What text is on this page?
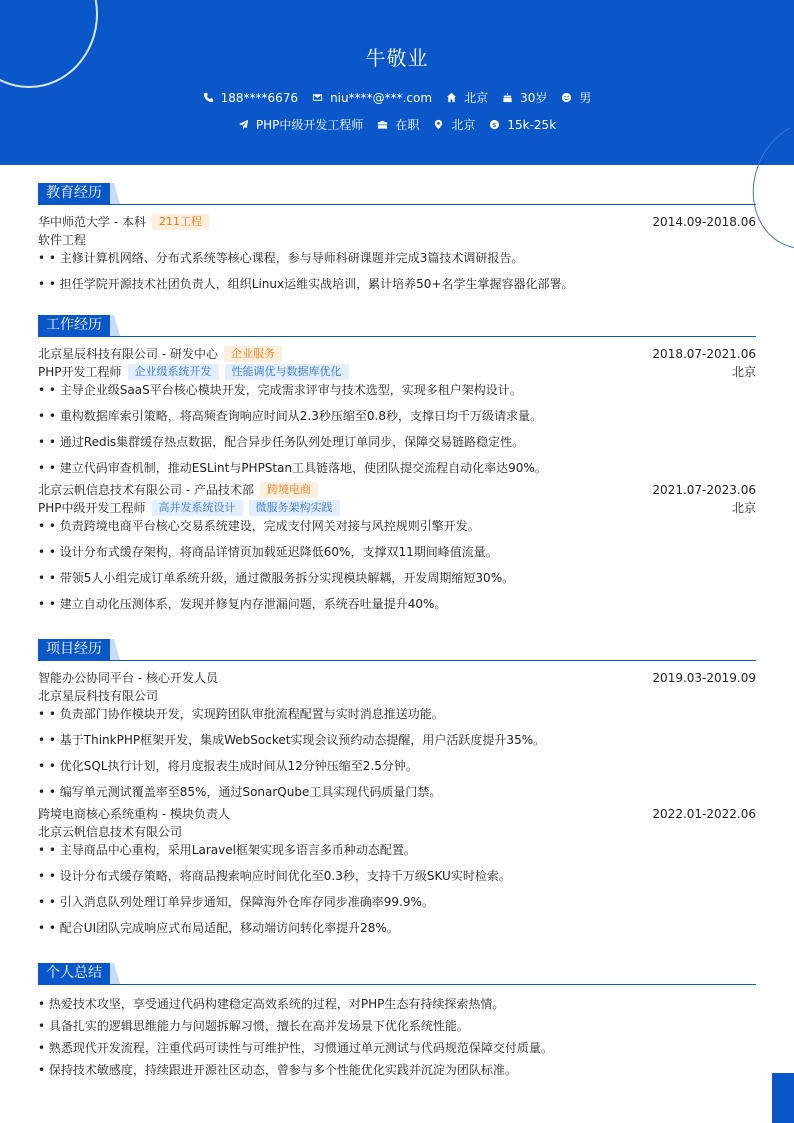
牛敬业
188****6676	niu****@***.com	北京	30岁	男
PHP中级开发工程师	在职	北京 $ 15k-25k
教育经历
华中师范大学 - 本科	211工程	2014.09-2018.06
软件工程
• • 主修计算机网络、分布式系统等核心课程，参与导师科研课题并完成3篇技术调研报告。
• • 担任学院开源技术社团负责人，组织Linux运维实战培训，累计培养50+名学生掌握容器化部署。
工作经历
北京星辰科技有限公司 - 研发中心	企业服务	2018.07-2021.06
PHP开发工程师	企业级系统开发	性能调优与数据库优化	北京
• • 主导企业级SaaS平台核心模块开发，完成需求评审与技术选型，实现多租户架构设计。
• • 重构数据库索引策略，将高频查询响应时间从2.3秒压缩至0.8秒，支撑日均千万级请求量。
• • 通过Redis集群缓存热点数据，配合异步任务队列处理订单同步，保障交易链路稳定性。
• • 建立代码审查机制，推动ESLint与PHPStan工具链落地，使团队提交流程自动化率达90%。
北京云帆信息技术有限公司 - 产品技术部	跨境电商	2021.07-2023.06
PHP中级开发工程师	高并发系统设计	微服务架构实践	北京
• • 负责跨境电商平台核心交易系统建设，完成支付网关对接与风控规则引擎开发。
• • 设计分布式缓存架构，将商品详情页加载延迟降低60%，支撑双11期间峰值流量。
• • 带领5人小组完成订单系统升级，通过微服务拆分实现模块解耦，开发周期缩短30%。
• • 建立自动化压测体系，发现并修复内存泄漏问题，系统吞吐量提升40%。
项目经历
智能办公协同平台 - 核心开发人员	2019.03-2019.09
北京星辰科技有限公司
• • 负责部门协作模块开发，实现跨团队审批流程配置与实时消息推送功能。
• • 基于ThinkPHP框架开发，集成WebSocket实现会议预约动态提醒，用户活跃度提升35%。
• • 优化SQL执行计划，将月度报表生成时间从12分钟压缩至2.5分钟。
• • 编写单元测试覆盖率至85%，通过SonarQube工具实现代码质量门禁。
跨境电商核心系统重构 - 模块负责人	2022.01-2022.06
北京云帆信息技术有限公司
• • 主导商品中心重构，采用Laravel框架实现多语言多币种动态配置。
• • 设计分布式缓存策略，将商品搜索响应时间优化至0.3秒，支持千万级SKU实时检索。
• • 引入消息队列处理订单异步通知，保障海外仓库存同步准确率99.9%。
• • 配合UI团队完成响应式布局适配，移动端访问转化率提升28%。
个人总结
• 热爱技术攻坚，享受通过代码构建稳定高效系统的过程，对PHP生态有持续探索热情。
• 具备扎实的逻辑思维能力与问题拆解习惯，擅长在高并发场景下优化系统性能。
• 熟悉现代开发流程，注重代码可读性与可维护性，习惯通过单元测试与代码规范保障交付质量。
• 保持技术敏感度，持续跟进开源社区动态，曾参与多个性能优化实践并沉淀为团队标准。
